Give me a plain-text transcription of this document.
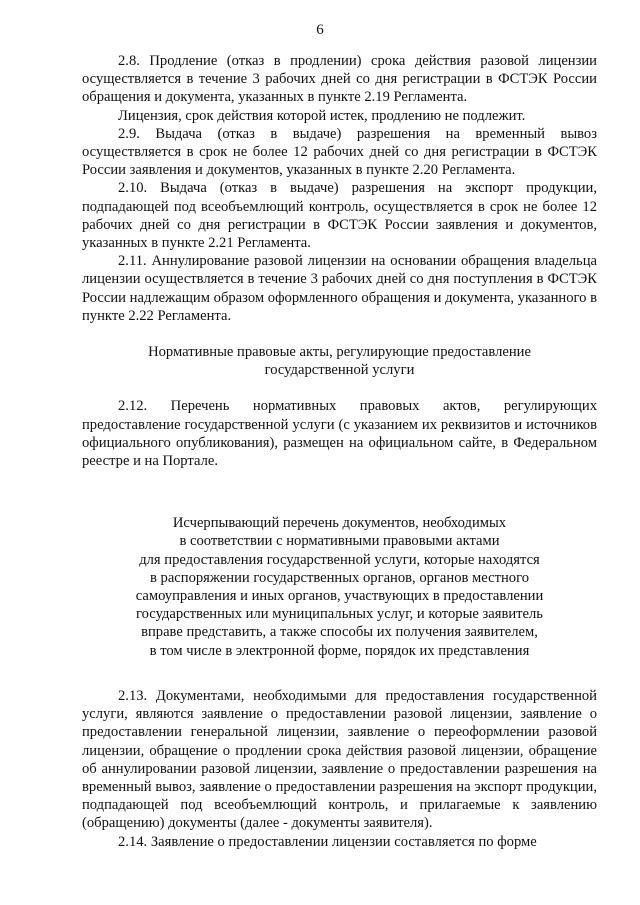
6

2.8. Продление (отказ в продлении) срока действия разовой лицензии осуществляется в течение 3 рабочих дней со дня регистрации в ФСТЭК России обращения и документа, указанных в пункте 2.19 Регламента.

Лицензия, срок действия которой истек, продлению не подлежит.

2.9. Выдача (отказ в выдаче) разрешения на временный вывоз осуществляется в срок не более 12 рабочих дней со дня регистрации в ФСТЭК России заявления и документов, указанных в пункте 2.20 Регламента.

2.10. Выдача (отказ в выдаче) разрешения на экспорт продукции, подпадающей под всеобъемлющий контроль, осуществляется в срок не более 12 рабочих дней со дня регистрации в ФСТЭК России заявления и документов, указанных в пункте 2.21 Регламента.

2.11. Аннулирование разовой лицензии на основании обращения владельца лицензии осуществляется в течение 3 рабочих дней со дня поступления в ФСТЭК России надлежащим образом оформленного обращения и документа, указанного в пункте 2.22 Регламента.

Нормативные правовые акты, регулирующие предоставление

государственной услуги

2.12. Перечень нормативных правовых актов, регулирующих предоставление государственной услуги (с указанием их реквизитов и источников официального опубликования), размещен на официальном сайте, в Федеральном реестре и на Портале.

Исчерпывающий перечень документов, необходимых

в соответствии с нормативными правовыми актами

для предоставления государственной услуги, которые находятся

в распоряжении государственных органов, органов местного

самоуправления и иных органов, участвующих в предоставлении

государственных или муниципальных услуг, и которые заявитель

вправе представить, а также способы их получения заявителем,

в том числе в электронной форме, порядок их представления

2.13. Документами, необходимыми для предоставления государственной услуги, являются заявление о предоставлении разовой лицензии, заявление о предоставлении генеральной лицензии, заявление о переоформлении разовой лицензии, обращение о продлении срока действия разовой лицензии, обращение об аннулировании разовой лицензии, заявление о предоставлении разрешения на временный вывоз, заявление о предоставлении разрешения на экспорт продукции, подпадающей под всеобъемлющий контроль, и прилагаемые к заявлению (обращению) документы (далее - документы заявителя).

2.14. Заявление о предоставлении лицензии составляется по форме
